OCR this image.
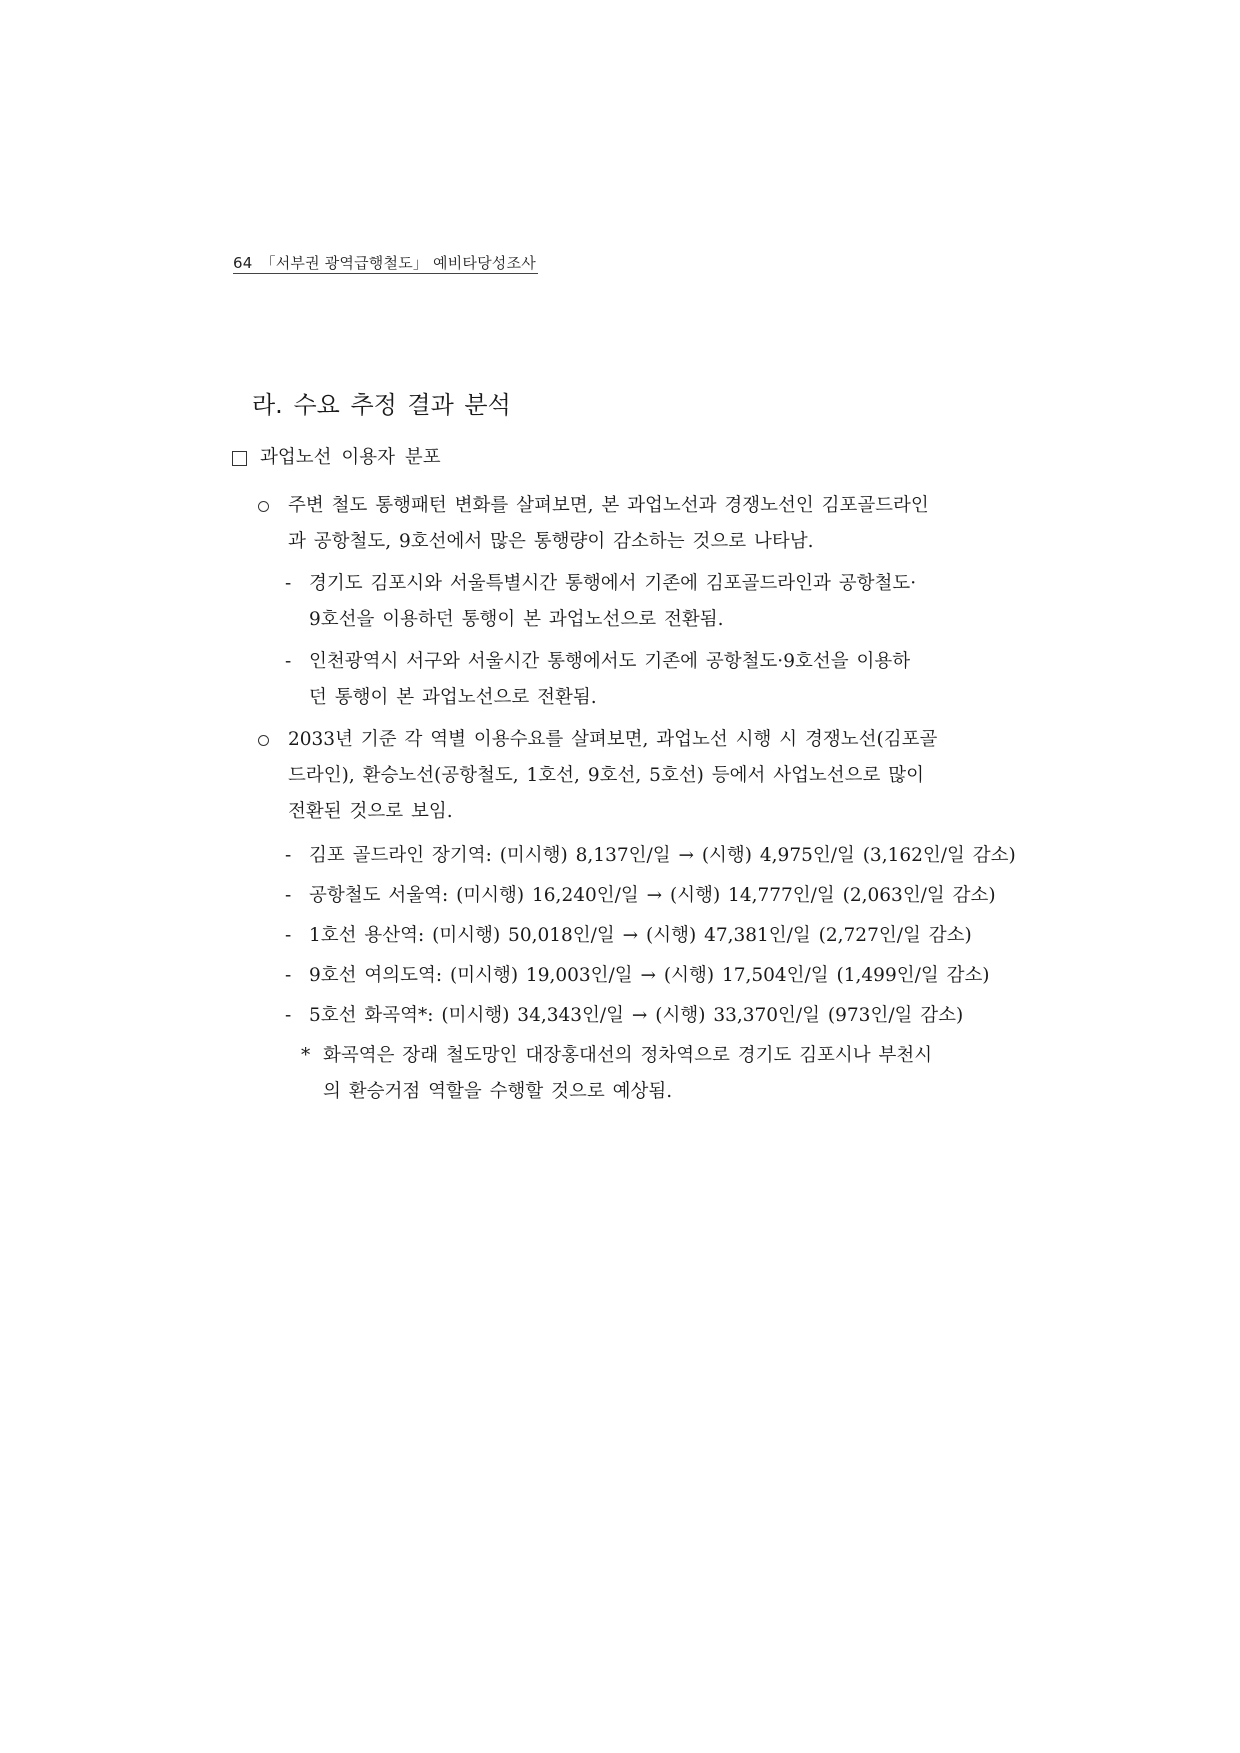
64 「서부권 광역급행철도」 예비타당성조사
라. 수요 추정 결과 분석
과업노선 이용자 분포
주변 철도 통행패턴 변화를 살펴보면, 본 과업노선과 경쟁노선인 김포골드라인
과 공항철도, 9호선에서 많은 통행량이 감소하는 것으로 나타남.
- 경기도 김포시와 서울특별시간 통행에서 기존에 김포골드라인과 공항철도·
9호선을 이용하던 통행이 본 과업노선으로 전환됨.
- 인천광역시 서구와 서울시간 통행에서도 기존에 공항철도·9호선을 이용하
던 통행이 본 과업노선으로 전환됨.
2033년 기준 각 역별 이용수요를 살펴보면, 과업노선 시행 시 경쟁노선(김포골
드라인), 환승노선(공항철도, 1호선, 9호선, 5호선) 등에서 사업노선으로 많이
전환된 것으로 보임.
- 김포 골드라인 장기역: (미시행) 8,137인/일 → (시행) 4,975인/일 (3,162인/일 감소)
- 공항철도 서울역: (미시행) 16,240인/일 → (시행) 14,777인/일 (2,063인/일 감소)
- 1호선 용산역: (미시행) 50,018인/일 → (시행) 47,381인/일 (2,727인/일 감소)
- 9호선 여의도역: (미시행) 19,003인/일 → (시행) 17,504인/일 (1,499인/일 감소)
- 5호선 화곡역*: (미시행) 34,343인/일 → (시행) 33,370인/일 (973인/일 감소)
* 화곡역은 장래 철도망인 대장홍대선의 정차역으로 경기도 김포시나 부천시
의 환승거점 역할을 수행할 것으로 예상됨.
